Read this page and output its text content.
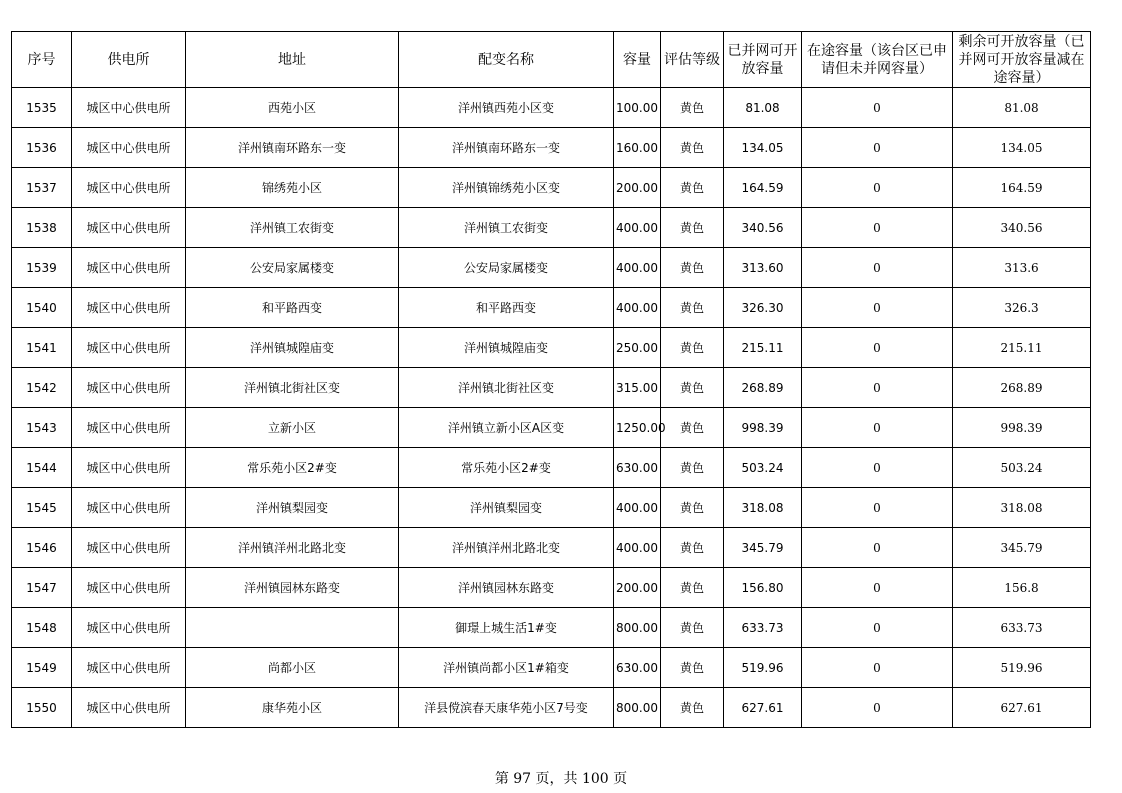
序号	供电所	地址	配变名称	容量	评估等级	已并网可开放容量	在途容量（该台区已申请但未并网容量）	剩余可开放容量（已并网可开放容量减在途容量）
1535	城区中心供电所	西苑小区	洋州镇西苑小区变	100.00	黄色	81.08	0	81.08
1536	城区中心供电所	洋州镇南环路东一变	洋州镇南环路东一变	160.00	黄色	134.05	0	134.05
1537	城区中心供电所	锦绣苑小区	洋州镇锦绣苑小区变	200.00	黄色	164.59	0	164.59
1538	城区中心供电所	洋州镇工农街变	洋州镇工农街变	400.00	黄色	340.56	0	340.56
1539	城区中心供电所	公安局家属楼变	公安局家属楼变	400.00	黄色	313.60	0	313.6
1540	城区中心供电所	和平路西变	和平路西变	400.00	黄色	326.30	0	326.3
1541	城区中心供电所	洋州镇城隍庙变	洋州镇城隍庙变	250.00	黄色	215.11	0	215.11
1542	城区中心供电所	洋州镇北街社区变	洋州镇北街社区变	315.00	黄色	268.89	0	268.89
1543	城区中心供电所	立新小区	洋州镇立新小区A区变	1250.00	黄色	998.39	0	998.39
1544	城区中心供电所	常乐苑小区2#变	常乐苑小区2#变	630.00	黄色	503.24	0	503.24
1545	城区中心供电所	洋州镇梨园变	洋州镇梨园变	400.00	黄色	318.08	0	318.08
1546	城区中心供电所	洋州镇洋州北路北变	洋州镇洋州北路北变	400.00	黄色	345.79	0	345.79
1547	城区中心供电所	洋州镇园林东路变	洋州镇园林东路变	200.00	黄色	156.80	0	156.8
1548	城区中心供电所		御璟上城生活1#变	800.00	黄色	633.73	0	633.73
1549	城区中心供电所	尚都小区	洋州镇尚都小区1#箱变	630.00	黄色	519.96	0	519.96
1550	城区中心供电所	康华苑小区	洋县傥滨春天康华苑小区7号变	800.00	黄色	627.61	0	627.61
第 97 页，共 100 页
